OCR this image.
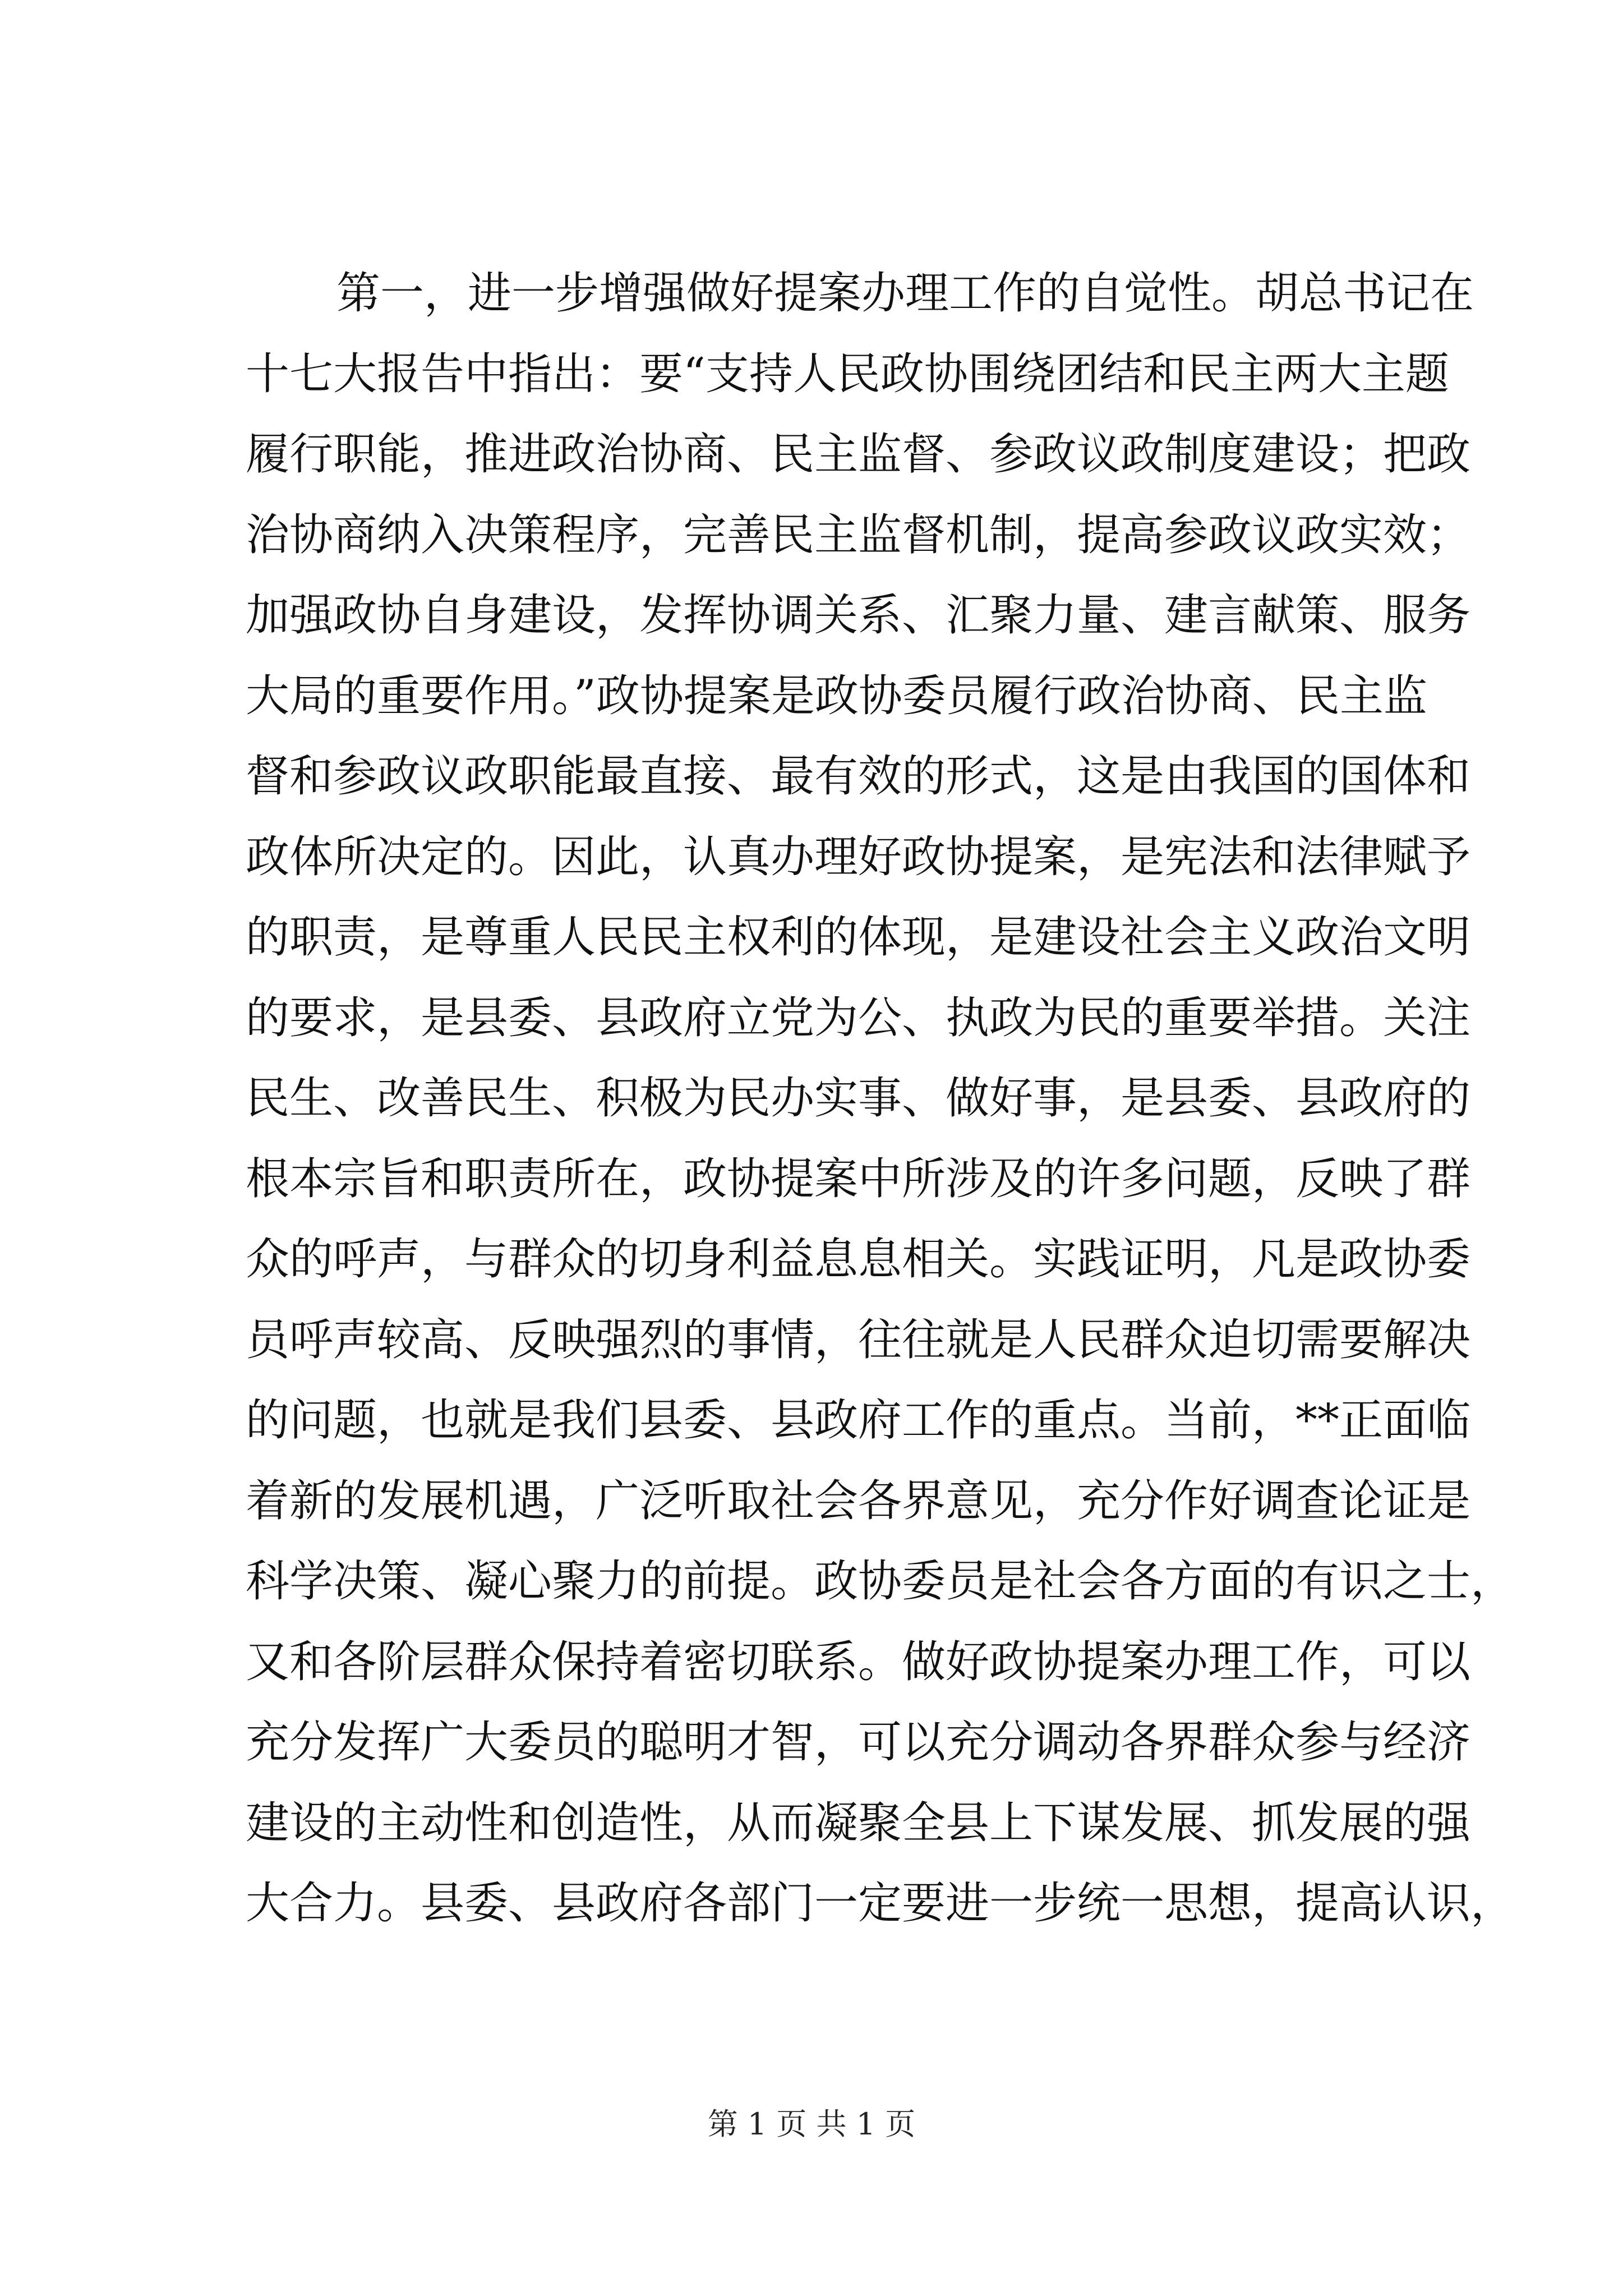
第一，进一步增强做好提案办理工作的自觉性。胡总书记在
十七大报告中指出：要“支持人民政协围绕团结和民主两大主题
履行职能，推进政治协商、民主监督、参政议政制度建设；把政
治协商纳入决策程序，完善民主监督机制，提高参政议政实效；
加强政协自身建设，发挥协调关系、汇聚力量、建言献策、服务
大局的重要作用。”政协提案是政协委员履行政治协商、民主监
督和参政议政职能最直接、最有效的形式，这是由我国的国体和
政体所决定的。因此，认真办理好政协提案，是宪法和法律赋予
的职责，是尊重人民民主权利的体现，是建设社会主义政治文明
的要求，是县委、县政府立党为公、执政为民的重要举措。关注
民生、改善民生、积极为民办实事、做好事，是县委、县政府的
根本宗旨和职责所在，政协提案中所涉及的许多问题，反映了群
众的呼声，与群众的切身利益息息相关。实践证明，凡是政协委
员呼声较高、反映强烈的事情，往往就是人民群众迫切需要解决
的问题，也就是我们县委、县政府工作的重点。当前，**正面临
着新的发展机遇，广泛听取社会各界意见，充分作好调查论证是
科学决策、凝心聚力的前提。政协委员是社会各方面的有识之士，
又和各阶层群众保持着密切联系。做好政协提案办理工作，可以
充分发挥广大委员的聪明才智，可以充分调动各界群众参与经济
建设的主动性和创造性，从而凝聚全县上下谋发展、抓发展的强
大合力。县委、县政府各部门一定要进一步统一思想，提高认识，
第 1 页 共 1 页
